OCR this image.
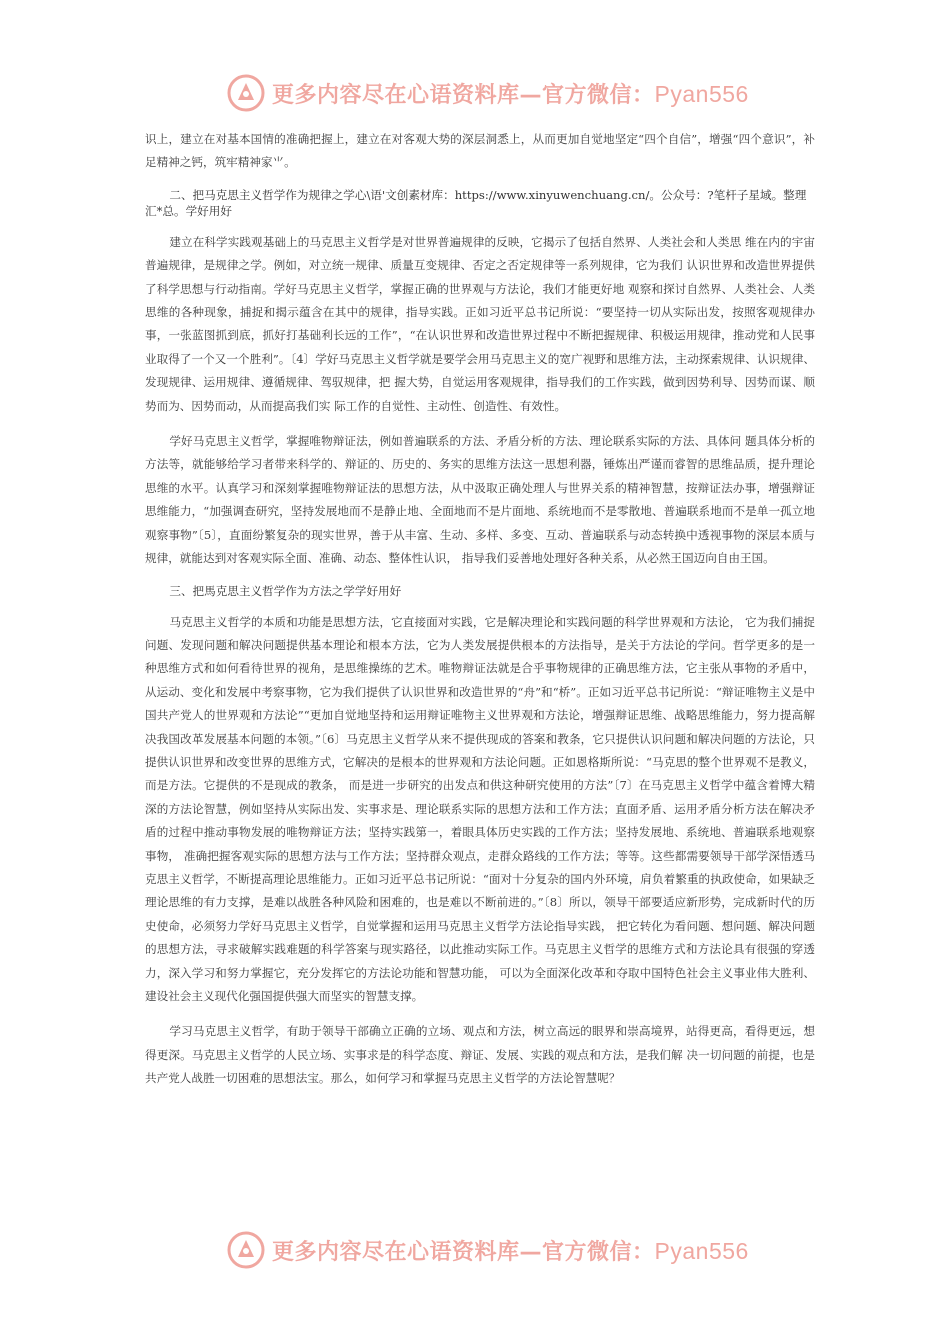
更多内容尽在心语资料库—官方微信：Pyan556

识上，建立在对基本国情的准确把握上，建立在对客观大势的深层洞悉上，从而更加自觉地坚定“四个自信”，增强“四个意识”，补足精神之钙，筑牢精神家⺌。

二、把马克思主义哲学作为规律之学心\语'文创素材库：https://www.xinyuwenchuang.cn/。公众号：?笔杆子星域。整理汇*总。学好用好

建立在科学实践观基础上的马克思主义哲学是对世界普遍规律的反映，它揭示了包括自然界、人类社会和人类思 维在内的宇宙普遍规律，是规律之学。例如，对立统一规律、质量互变规律、否定之否定规律等一系列规律，它为我们 认识世界和改造世界提供了科学思想与行动指南。学好马克思主义哲学，掌握正确的世界观与方法论，我们才能更好地 观察和探讨自然界、人类社会、人类思维的各种现象，捕捉和揭示蕴含在其中的规律，指导实践。正如习近平总书记所说：“要坚持一切从实际出发，按照客观规律办事，一张蓝图抓到底，抓好打基础利长远的工作”，“在认识世界和改造世界过程中不断把握规律、积极运用规律，推动党和人民事业取得了一个又一个胜利”。〔4〕学好马克思主义哲学就是要学会用马克思主义的宽广视野和思维方法，主动探索规律、认识规律、发现规律、运用规律、遵循规律、驾驭规律，把 握大势，自觉运用客观规律，指导我们的工作实践，做到因势利导、因势而谋、顺势而为、因势而动，从而提高我们实 际工作的自觉性、主动性、创造性、有效性。

学好马克思主义哲学，掌握唯物辩证法，例如普遍联系的方法、矛盾分析的方法、理论联系实际的方法、具体问 题具体分析的方法等，就能够给学习者带来科学的、辩证的、历史的、务实的思维方法这一思想利器，锤炼出严谨而睿智的思维品质，提升理论思维的水平。认真学习和深刻掌握唯物辩证法的思想方法，从中汲取正确处理人与世界关系的精神智慧，按辩证法办事，增强辩证思维能力，“加强调查研究，坚持发展地而不是静止地、全面地而不是片面地、系统地而不是零散地、普遍联系地而不是单一孤立地观察事物”〔5〕，直面纷繁复杂的现实世界，善于从丰富、生动、多样、多变、互动、普遍联系与动态转换中透视事物的深层本质与规律，就能达到对客观实际全面、准确、动态、整体性认识， 指导我们妥善地处理好各种关系，从必然王国迈向自由王国。

三、把馬克思主义哲学作为方法之学学好用好

马克思主义哲学的本质和功能是思想方法，它直接面对实践，它是解决理论和实践问题的科学世界观和方法论， 它为我们捕捉问题、发现问题和解决问题提供基本理论和根本方法，它为人类发展提供根本的方法指导，是关于方法论的学问。哲学更多的是一种思维方式和如何看待世界的视角，是思维操练的艺术。唯物辩证法就是合乎事物规律的正确思维方法，它主张从事物的矛盾中，从运动、变化和发展中考察事物，它为我们提供了认识世界和改造世界的“舟”和“桥”。正如习近平总书记所说：“辩证唯物主义是中国共产党人的世界观和方法论”“更加自觉地坚持和运用辩证唯物主义世界观和方法论，增强辩证思维、战略思维能力，努力提高解决我国改革发展基本问题的本领。”〔6〕马克思主义哲学从来不提供现成的答案和教条，它只提供认识问题和解决问题的方法论，只提供认识世界和改变世界的思维方式，它解决的是根本的世界观和方法论问题。正如恩格斯所说：“马克思的整个世界观不是教义，而是方法。它提供的不是现成的教条， 而是进一步研究的出发点和供这种研究使用的方法”〔7〕在马克思主义哲学中蕴含着博大精深的方法论智慧，例如坚持从实际出发、实事求是、理论联系实际的思想方法和工作方法；直面矛盾、运用矛盾分析方法在解决矛盾的过程中推动事物发展的唯物辩证方法；坚持实践第一，着眼具体历史实践的工作方法；坚持发展地、系统地、普遍联系地观察事物， 准确把握客观实际的思想方法与工作方法；坚持群众观点，走群众路线的工作方法；等等。这些都需要领导干部学深悟透马克思主义哲学，不断提高理论思维能力。正如习近平总书记所说：“面对十分复杂的国内外环境，肩负着繁重的执政使命，如果缺乏理论思维的有力支撑，是难以战胜各种风险和困难的，也是难以不断前进的。”〔8〕所以，领导干部要适应新形势，完成新时代的历史使命，必须努力学好马克思主义哲学，自觉掌握和运用马克思主义哲学方法论指导实践， 把它转化为看问题、想问题、解决问题的思想方法，寻求破解实践难题的科学答案与现实路径，以此推动实际工作。马克思主义哲学的思维方式和方法论具有很强的穿透力，深入学习和努力掌握它，充分发挥它的方法论功能和智慧功能， 可以为全面深化改革和夺取中国特色社会主义事业伟大胜利、建设社会主义现代化强国提供强大而坚实的智慧支撑。

学习马克思主义哲学，有助于领导干部确立正确的立场、观点和方法，树立高远的眼界和崇高境界，站得更高，看得更远，想得更深。马克思主义哲学的人民立场、实事求是的科学态度、辩证、发展、实践的观点和方法，是我们解 决一切问题的前提，也是共产党人战胜一切困难的思想法宝。那么，如何学习和掌握马克思主义哲学的方法论智慧呢？

更多内容尽在心语资料库—官方微信：Pyan556
